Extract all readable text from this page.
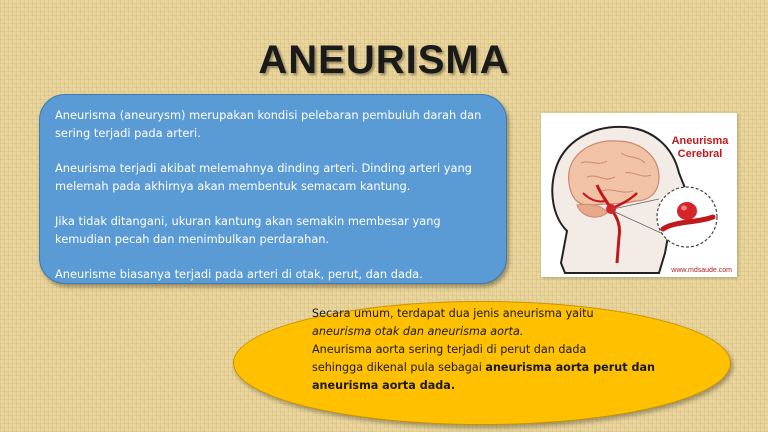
ANEURISMA

Aneurisma (aneurysm) merupakan kondisi pelebaran pembuluh darah dan sering terjadi pada arteri.

Aneurisma terjadi akibat melemahnya dinding arteri. Dinding arteri yang melemah pada akhirnya akan membentuk semacam kantung.

Jika tidak ditangani, ukuran kantung akan semakin membesar yang kemudian pecah dan menimbulkan perdarahan.

Aneurisme biasanya terjadi pada arteri di otak, perut, dan dada.

Aneurisma
Cerebral
www.mdsaude.com
Secara umum, terdapat dua jenis aneurisma yaitu
aneurisma otak dan aneurisma aorta.
Aneurisma aorta sering terjadi di perut dan dada
sehingga dikenal pula sebagai aneurisma aorta perut dan
aneurisma aorta dada.
